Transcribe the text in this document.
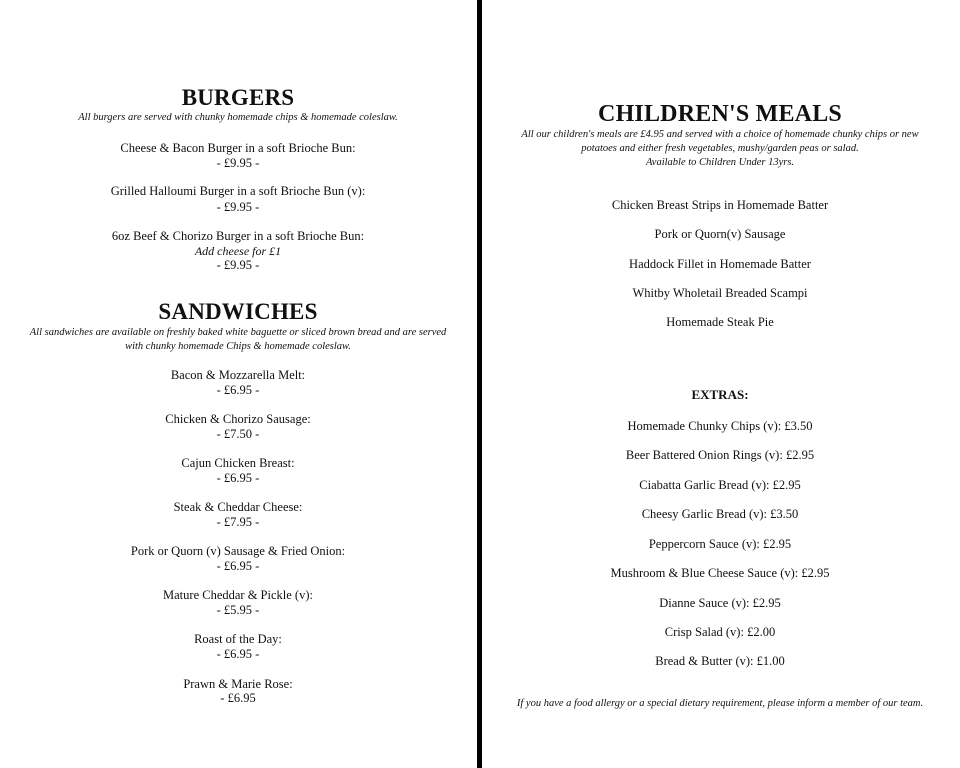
BURGERS
All burgers are served with chunky homemade chips & homemade coleslaw.
Cheese & Bacon Burger in a soft Brioche Bun:
- £9.95 -
Grilled Halloumi Burger in a soft Brioche Bun (v):
- £9.95 -
6oz Beef & Chorizo Burger in a soft Brioche Bun:
Add cheese for £1
- £9.95 -
SANDWICHES
All sandwiches are available on freshly baked white baguette or sliced brown bread and are served
with chunky homemade Chips & homemade coleslaw.
Bacon & Mozzarella Melt:
- £6.95 -
Chicken & Chorizo Sausage:
- £7.50 -
Cajun Chicken Breast:
- £6.95 -
Steak & Cheddar Cheese:
- £7.95 -
Pork or Quorn (v) Sausage & Fried Onion:
- £6.95 -
Mature Cheddar & Pickle (v):
- £5.95 -
Roast of the Day:
- £6.95 -
Prawn & Marie Rose:
- £6.95
CHILDREN'S MEALS
All our children's meals are £4.95 and served with a choice of homemade chunky chips or new
potatoes and either fresh vegetables, mushy/garden peas or salad.
Available to Children Under 13yrs.
Chicken Breast Strips in Homemade Batter
Pork or Quorn(v) Sausage
Haddock Fillet in Homemade Batter
Whitby Wholetail Breaded Scampi
Homemade Steak Pie
EXTRAS:
Homemade Chunky Chips (v): £3.50
Beer Battered Onion Rings (v): £2.95
Ciabatta Garlic Bread (v): £2.95
Cheesy Garlic Bread (v): £3.50
Peppercorn Sauce (v): £2.95
Mushroom & Blue Cheese Sauce (v): £2.95
Dianne Sauce (v): £2.95
Crisp Salad (v): £2.00
Bread & Butter (v): £1.00
If you have a food allergy or a special dietary requirement, please inform a member of our team.
